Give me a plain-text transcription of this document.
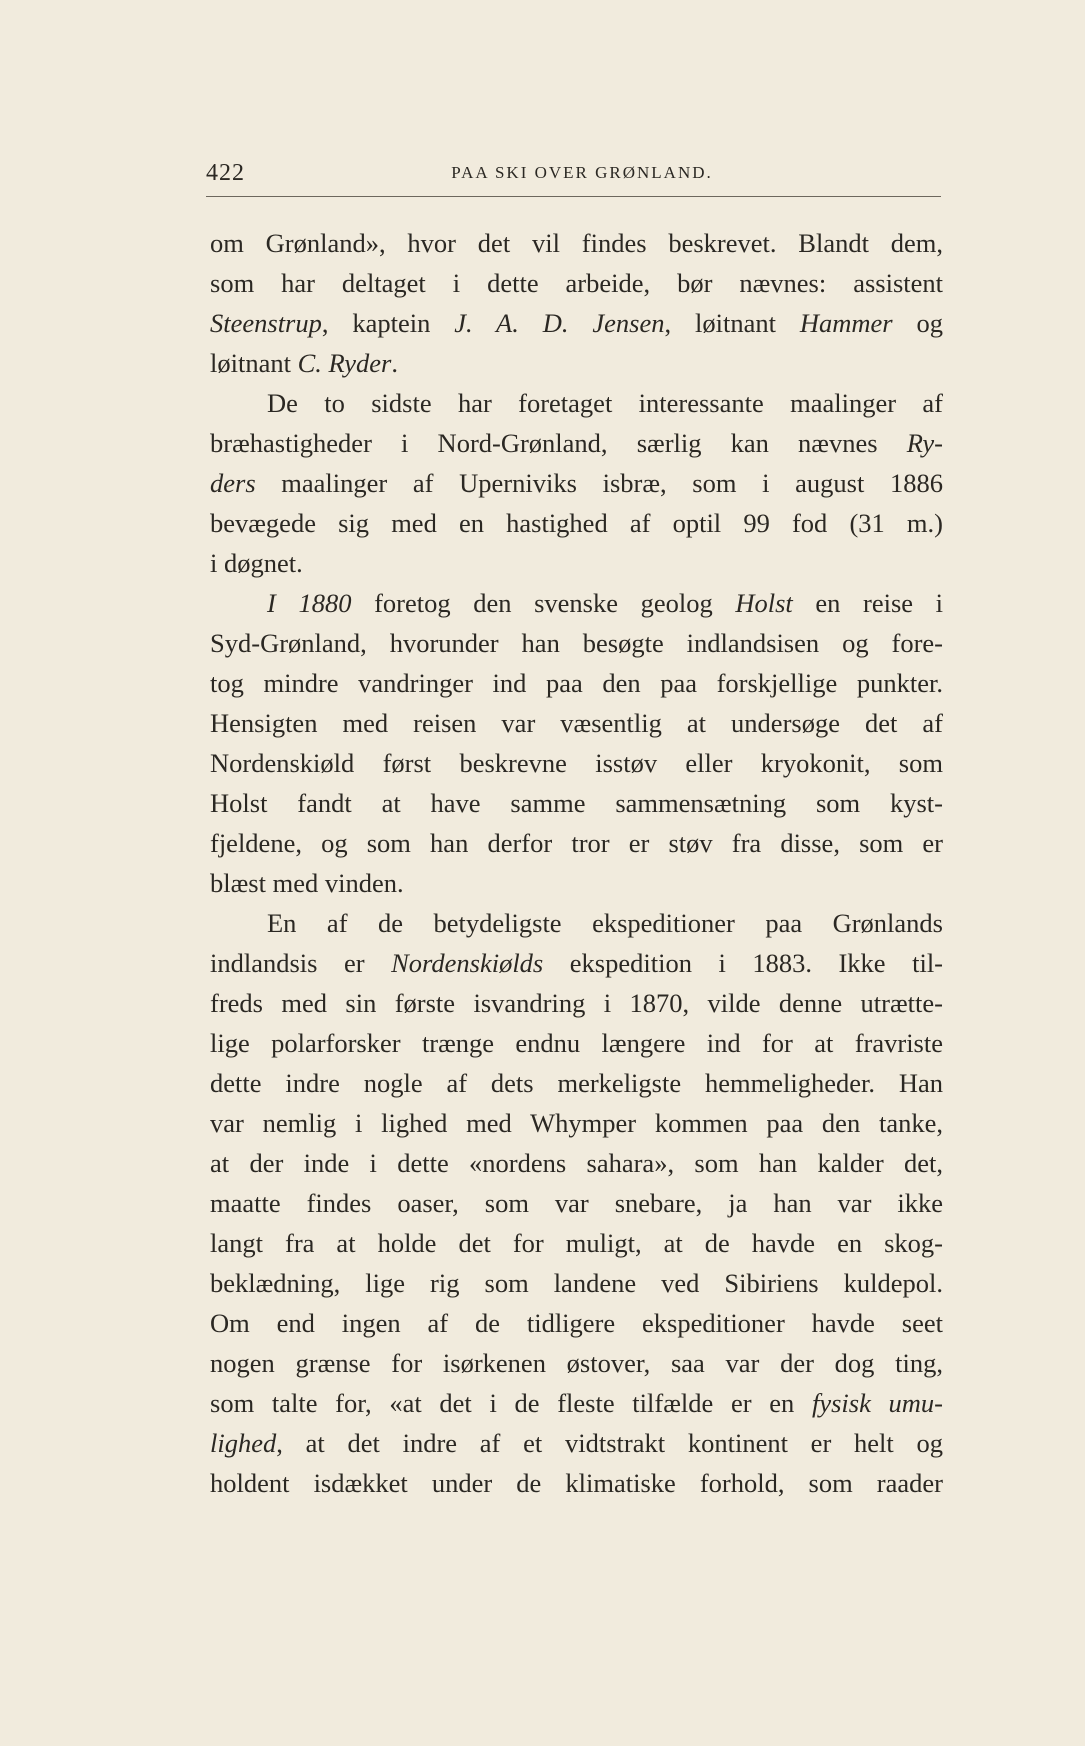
422	PAA SKI OVER GRØNLAND.
om Grønland», hvor det vil findes beskrevet. Blandt dem,
som har deltaget i dette arbeide, bør nævnes: assistent
Steenstrup, kaptein J. A. D. Jensen, løitnant Hammer og
løitnant C. Ryder.
De to sidste har foretaget interessante maalinger af
bræhastigheder i Nord-Grønland, særlig kan nævnes Ry-
ders maalinger af Uperniviks isbræ, som i august 1886
bevægede sig med en hastighed af optil 99 fod (31 m.)
i døgnet.
I 1880 foretog den svenske geolog Holst en reise i
Syd-Grønland, hvorunder han besøgte indlandsisen og fore-
tog mindre vandringer ind paa den paa forskjellige punkter.
Hensigten med reisen var væsentlig at undersøge det af
Nordenskiøld først beskrevne isstøv eller kryokonit, som
Holst fandt at have samme sammensætning som kyst-
fjeldene, og som han derfor tror er støv fra disse, som er
blæst med vinden.
En af de betydeligste ekspeditioner paa Grønlands
indlandsis er Nordenskiølds ekspedition i 1883. Ikke til-
freds med sin første isvandring i 1870, vilde denne utrætte-
lige polarforsker trænge endnu længere ind for at fravriste
dette indre nogle af dets merkeligste hemmeligheder. Han
var nemlig i lighed med Whymper kommen paa den tanke,
at der inde i dette «nordens sahara», som han kalder det,
maatte findes oaser, som var snebare, ja han var ikke
langt fra at holde det for muligt, at de havde en skog-
beklædning, lige rig som landene ved Sibiriens kuldepol.
Om end ingen af de tidligere ekspeditioner havde seet
nogen grænse for isørkenen østover, saa var der dog ting,
som talte for, «at det i de fleste tilfælde er en fysisk umu-
lighed, at det indre af et vidtstrakt kontinent er helt og
holdent isdækket under de klimatiske forhold, som raader
